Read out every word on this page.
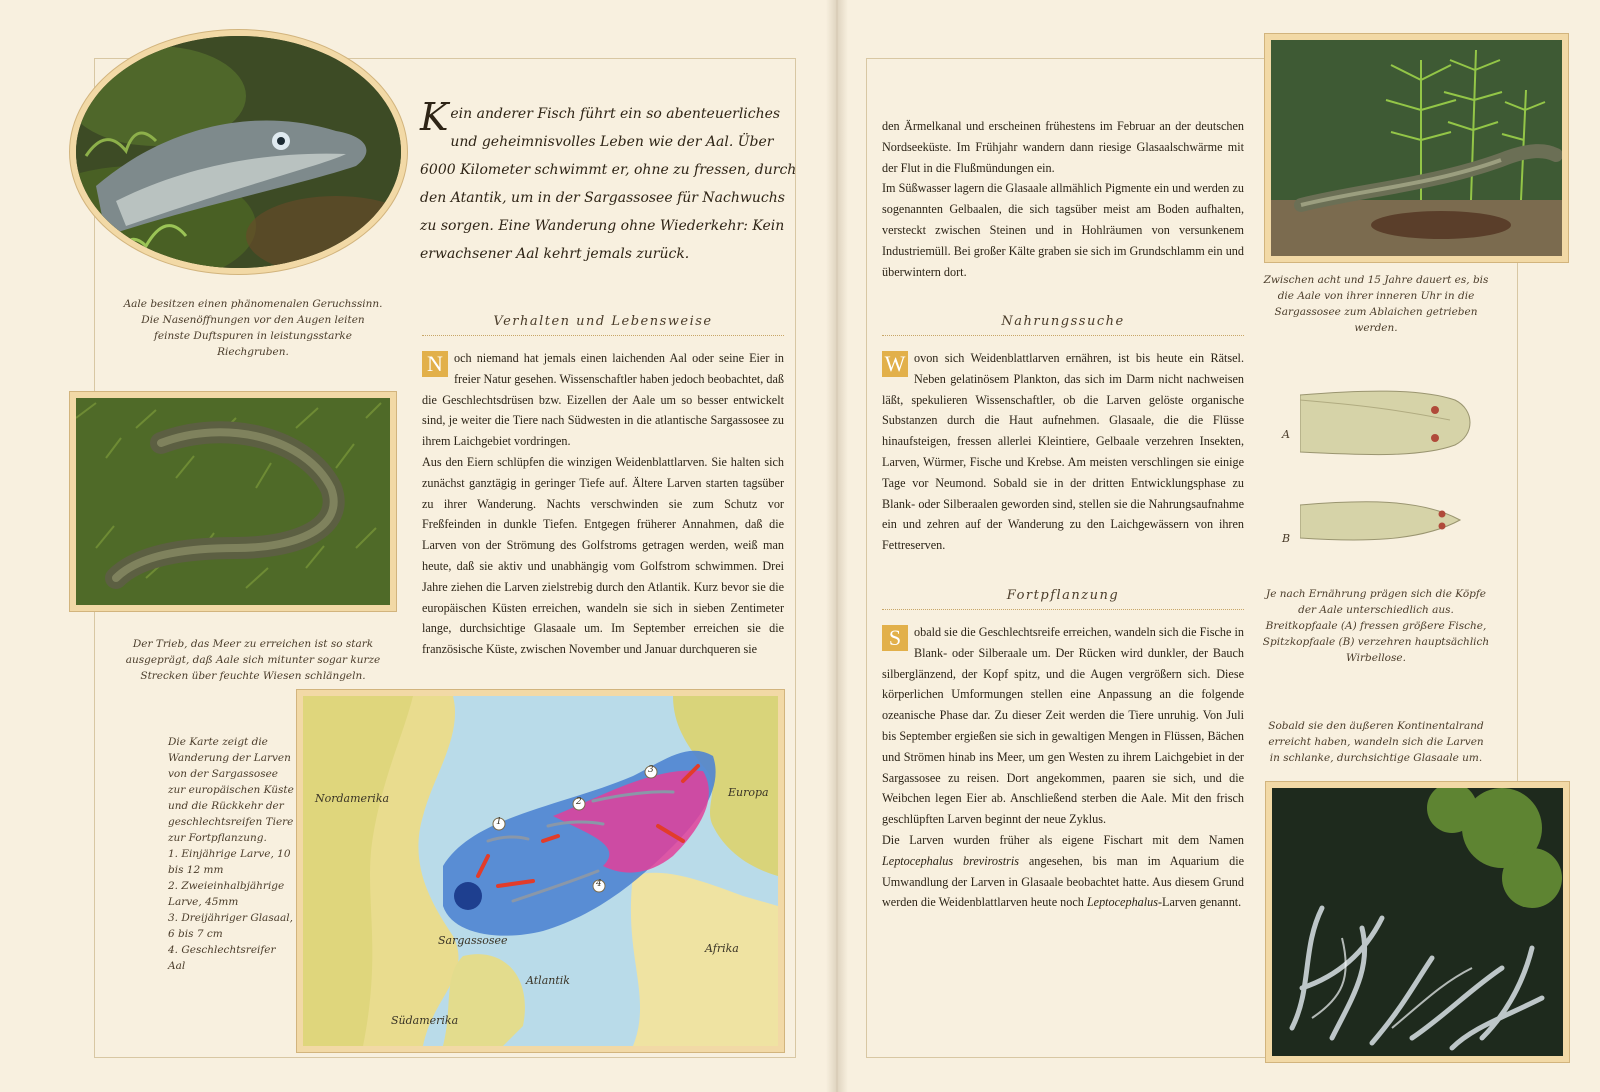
Aale besitzen einen phänomenalen Geruchssinn. Die Nasenöffnungen vor den Augen leiten feinste Duftspuren in leistungsstarke Riechgruben.
Der Trieb, das Meer zu erreichen ist so stark ausgeprägt, daß Aale sich mitunter sogar kurze Strecken über feuchte Wiesen schlängeln.
Kein anderer Fisch führt ein so abenteuerliches und geheimnisvolles Leben wie der Aal. Über 6000 Kilometer schwimmt er, ohne zu fressen, durch den Atantik, um in der Sargassosee für Nachwuchs zu sorgen. Eine Wanderung ohne Wiederkehr: Kein erwachsener Aal kehrt jemals zurück.
Verhalten und Lebensweise
N och niemand hat jemals einen laichenden Aal oder seine Eier in freier Natur gesehen. Wissenschaftler haben jedoch beobachtet, daß die Geschlechtsdrüsen bzw. Eizellen der Aale um so besser entwickelt sind, je weiter die Tiere nach Südwesten in die atlantische Sargassosee zu ihrem Laichgebiet vordringen.

Aus den Eiern schlüpfen die winzigen Weidenblattlarven. Sie halten sich zunächst ganztägig in geringer Tiefe auf. Ältere Larven starten tagsüber zu ihrer Wanderung. Nachts verschwinden sie zum Schutz vor Freßfeinden in dunkle Tiefen. Entgegen früherer Annahmen, daß die Larven von der Strömung des Golfstroms getragen werden, weiß man heute, daß sie aktiv und unabhängig vom Golfstrom schwimmen. Drei Jahre ziehen die Larven zielstrebig durch den Atlantik. Kurz bevor sie die europäischen Küsten erreichen, wandeln sie sich in sieben Zentimeter lange, durchsichtige Glasaale um. Im September erreichen sie die französische Küste, zwischen November und Januar durchqueren sie

Die Karte zeigt die Wanderung der Larven von der Sargassosee zur europäischen Küste und die Rückkehr der geschlechtsreifen Tiere zur Fortpflanzung.
1. Einjährige Larve, 10 bis 12 mm
2. Zweieinhalbjährige Larve, 45mm
3. Dreijähriger Glasaal, 6 bis 7 cm
4. Geschlechtsreifer Aal
Nordamerika	Europa
Sargassosee
Afrika
Atlantik
Südamerika
1
2
3
4

den Ärmelkanal und erscheinen frühestens im Februar an der deutschen Nordseeküste. Im Frühjahr wandern dann riesige Glasaalschwärme mit der Flut in die Flußmündungen ein.

Im Süßwasser lagern die Glasaale allmählich Pigmente ein und werden zu sogenannten Gelbaalen, die sich tagsüber meist am Boden aufhalten, versteckt zwischen Steinen und in Hohlräumen von versunkenem Industriemüll. Bei großer Kälte graben sie sich im Grundschlamm ein und überwintern dort.

Nahrungssuche
W ovon sich Weidenblattlarven ernähren, ist bis heute ein Rätsel. Neben gelatinösem Plankton, das sich im Darm nicht nachweisen läßt, spekulieren Wissenschaftler, ob die Larven gelöste organische Substanzen durch die Haut aufnehmen. Glasaale, die die Flüsse hinaufsteigen, fressen allerlei Kleintiere, Gelbaale verzehren Insekten, Larven, Würmer, Fische und Krebse. Am meisten verschlingen sie einige Tage vor Neumond. Sobald sie in der dritten Entwicklungsphase zu Blank- oder Silberaalen geworden sind, stellen sie die Nahrungsaufnahme ein und zehren auf der Wanderung zu den Laichgewässern von ihren Fettreserven.

Fortpflanzung
S	obald sie die Geschlechtsreife erreichen, wandeln sich die Fische in Blank- oder Silberaale um. Der Rücken wird dunkler, der Bauch silberglänzend, der Kopf spitz, und die Augen vergrößern sich. Diese körperlichen Umformungen stellen eine Anpassung an die folgende ozeanische Phase dar. Zu dieser Zeit werden die Tiere unruhig. Von Juli bis September ergießen sie sich in gewaltigen Mengen in Flüssen, Bächen und Strömen hinab ins Meer, um gen Westen zu ihrem Laichgebiet in der Sargassosee zu reisen. Dort angekommen, paaren sie sich, und die Weibchen legen Eier ab. Anschließend sterben die Aale. Mit den frisch geschlüpften Larven beginnt der neue Zyklus.

Die Larven wurden früher als eigene Fischart mit dem Namen Leptocephalus brevirostris angesehen, bis man im Aquarium die Umwandlung der Larven in Glasaale beobachtet hatte. Aus diesem Grund werden die Weidenblattlarven heute noch Leptocephalus-Larven genannt.

Zwischen acht und 15 Jahre dauert es, bis die Aale von ihrer inneren Uhr in die Sargassosee zum Ablaichen getrieben werden.
A
B
Je nach Ernährung prägen sich die Köpfe der Aale unterschiedlich aus. Breitkopfaale (A) fressen größere Fische, Spitzkopfaale (B) verzehren hauptsächlich Wirbellose.
Sobald sie den äußeren Kontinentalrand erreicht haben, wandeln sich die Larven in schlanke, durchsichtige Glasaale um.
